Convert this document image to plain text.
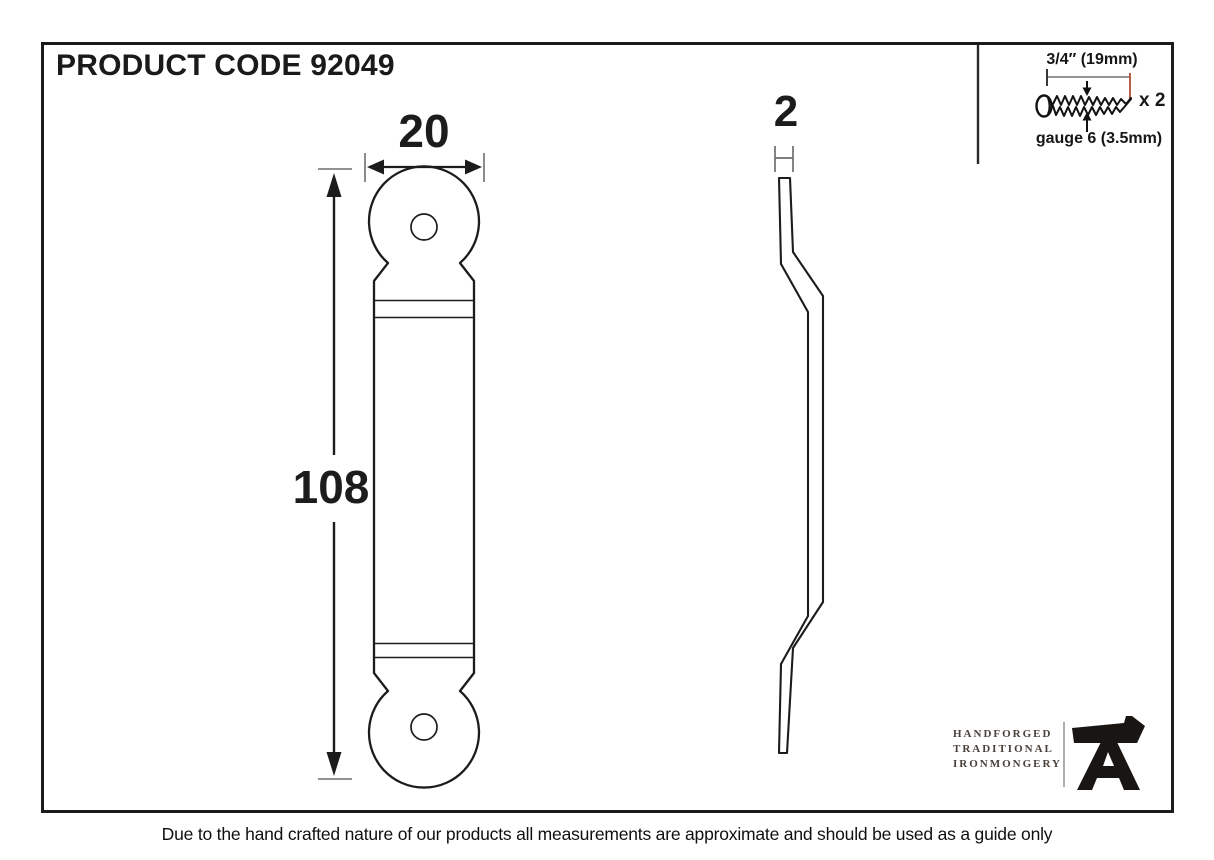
PRODUCT CODE 92049
20
108
2
3/4″ (19mm)
x 2
gauge 6 (3.5mm)
HANDFORGED
TRADITIONAL
IRONMONGERY
Due to the hand crafted nature of our products all measurements are approximate and should be used as a guide only
